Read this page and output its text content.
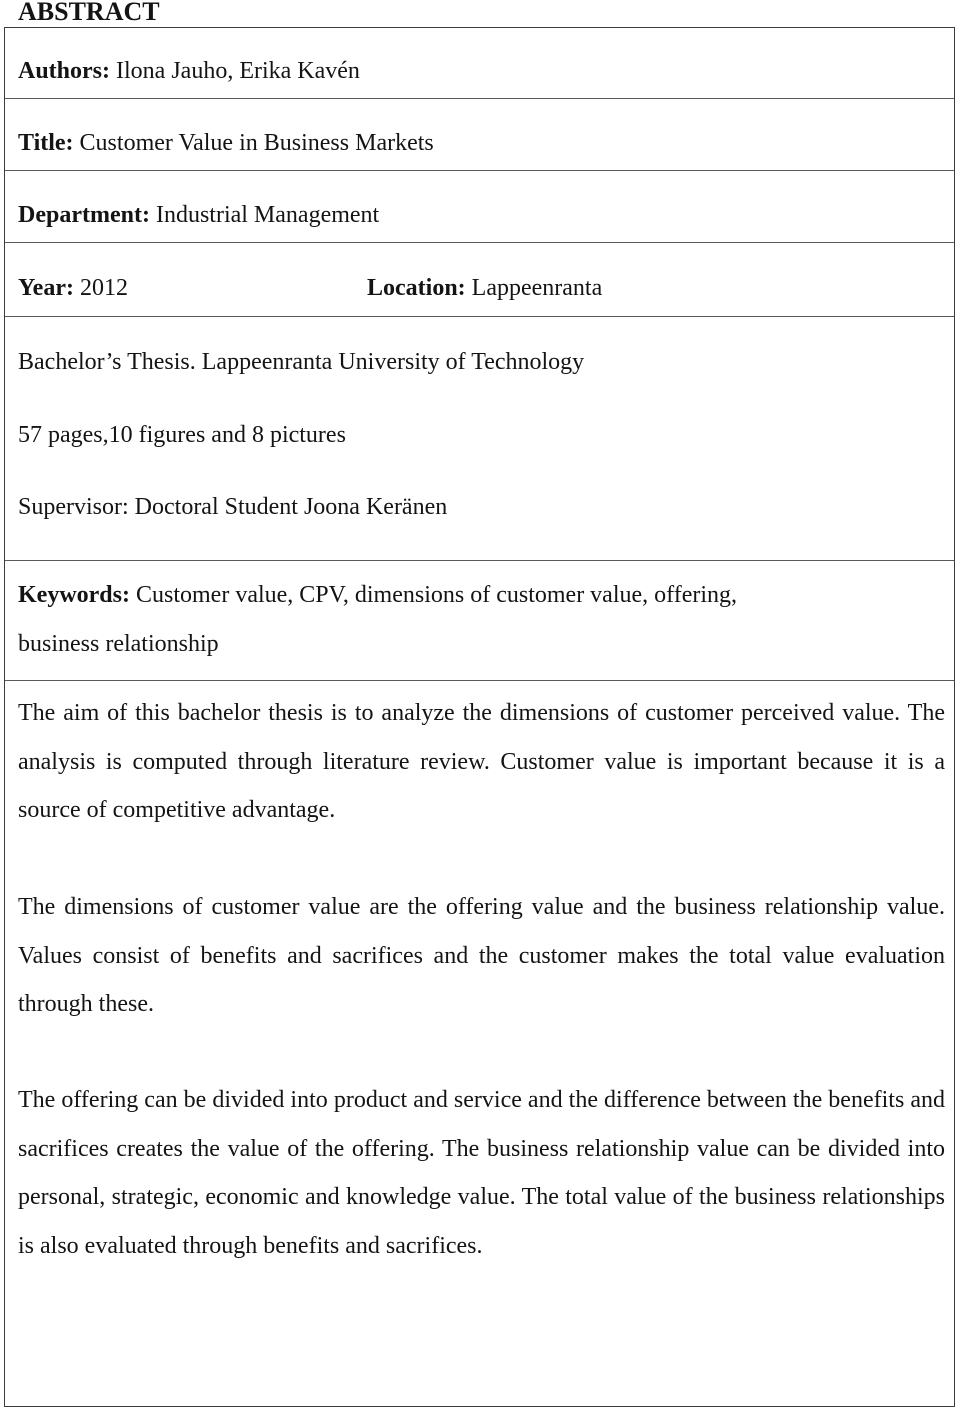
ABSTRACT
Authors: Ilona Jauho, Erika Kavén
Title: Customer Value in Business Markets
Department: Industrial Management
Year: 2012	Location: Lappeenranta
Bachelor’s Thesis. Lappeenranta University of Technology
57 pages,10 figures and 8 pictures
Supervisor: Doctoral Student Joona Keränen
Keywords: Customer value, CPV, dimensions of customer value, offering,
business relationship

The aim of this bachelor thesis is to analyze the dimensions of customer perceived value. The analysis is computed through literature review. Customer value is important because it is a source of competitive advantage.

The dimensions of customer value are the offering value and the business relationship value. Values consist of benefits and sacrifices and the customer makes the total value evaluation through these.

The offering can be divided into product and service and the difference between the benefits and sacrifices creates the value of the offering. The business relationship value can be divided into personal, strategic, economic and knowledge value. The total value of the business relationships is also evaluated through benefits and sacrifices.
